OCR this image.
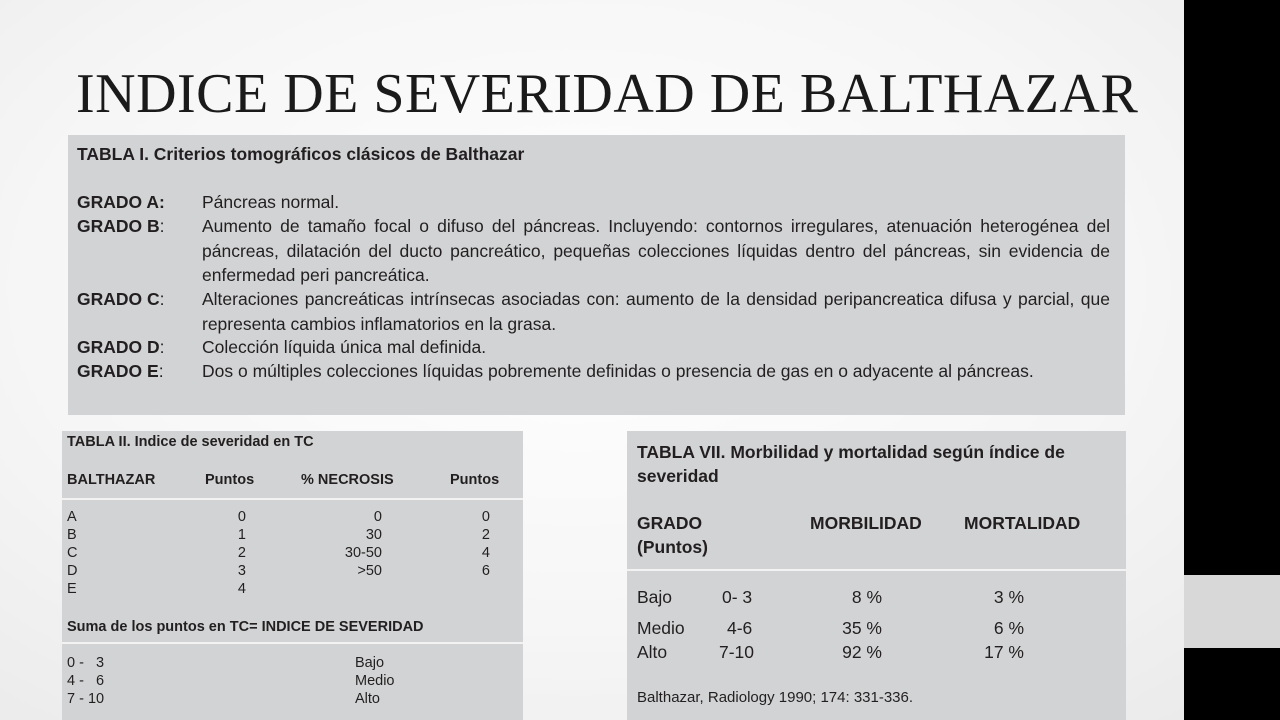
INDICE DE SEVERIDAD DE BALTHAZAR
TABLA I. Criterios tomográficos clásicos de Balthazar
GRADO A:	Páncreas normal.
GRADO B:	Aumento de tamaño focal o difuso del páncreas. Incluyendo: contornos irregulares, atenuación heterogénea del páncreas, dilatación del ducto pancreático, pequeñas colecciones líquidas dentro del páncreas, sin evidencia de enfermedad peri pancreática.
GRADO C:	Alteraciones pancreáticas intrínsecas asociadas con: aumento de la densidad peripancreatica difusa y parcial, que representa cambios inflamatorios en la grasa.
GRADO D:	Colección líquida única mal definida.
GRADO E:	Dos o múltiples colecciones líquidas pobremente definidas o presencia de gas en o adyacente al páncreas.
TABLA II. Indice de severidad en TC
BALTHAZAR	Puntos	% NECROSIS	Puntos
A	0	0	0
B	1	30	2
C	2	30-50	4
D	3	>50	6
E	4
Suma de los puntos en TC= INDICE DE SEVERIDAD
0 -   3	Bajo
4 -   6	Medio
7 - 10	Alto
TABLA VII. Morbilidad y mortalidad según índice de severidad
GRADO
(Puntos)
MORBILIDAD MORTALIDAD
Bajo	0- 3	8 %	3 %
Medio 4-6	35 %	6 %
Alto	7-10	92 %	17 %
Balthazar, Radiology 1990; 174: 331-336.
